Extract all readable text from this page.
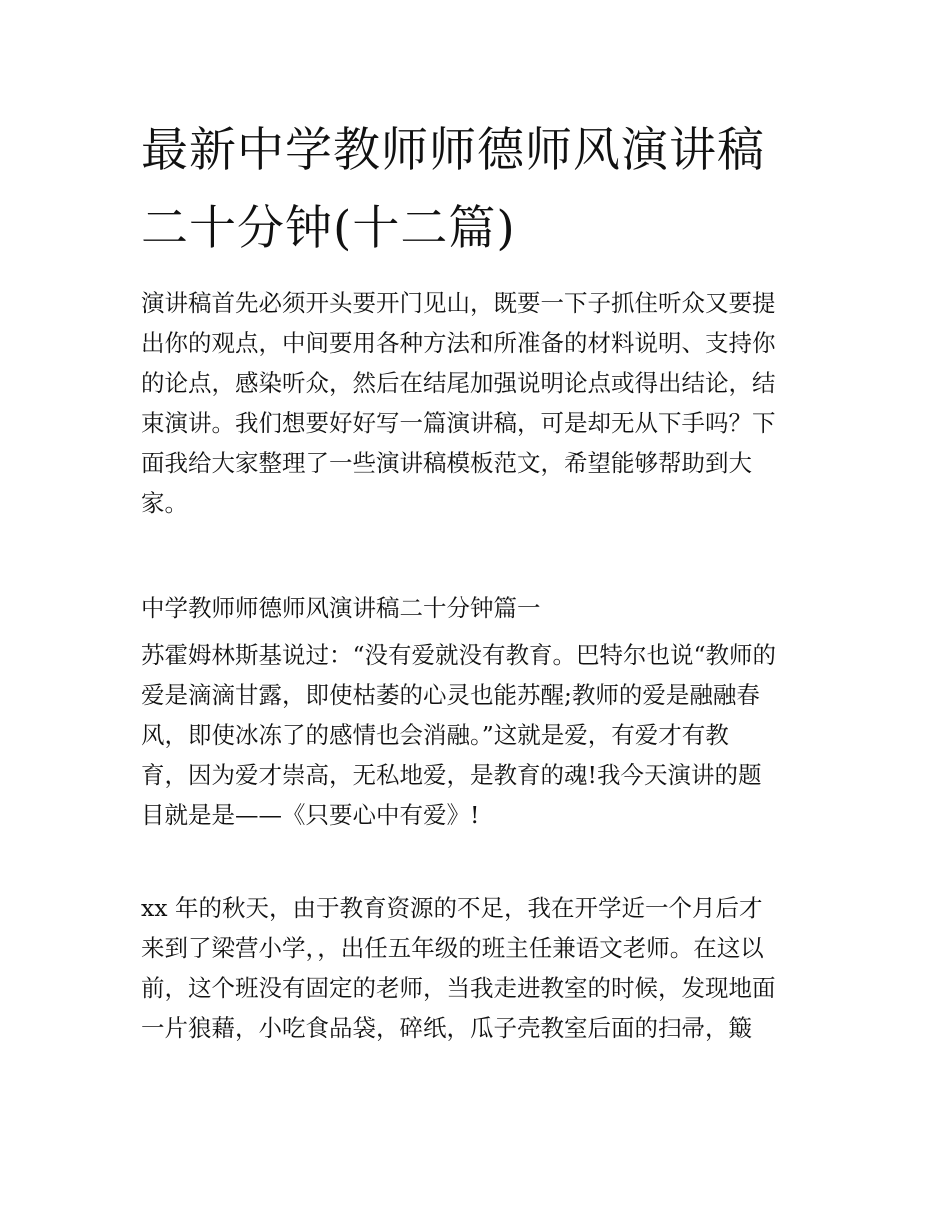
最新中学教师师德师风演讲稿
二十分钟(十二篇)

演讲稿首先必须开头要开门见山，既要一下子抓住听众又要提
出你的观点，中间要用各种方法和所准备的材料说明、支持你
的论点，感染听众，然后在结尾加强说明论点或得出结论，结
束演讲。我们想要好好写一篇演讲稿，可是却无从下手吗？下
面我给大家整理了一些演讲稿模板范文，希望能够帮助到大
家。

中学教师师德师风演讲稿二十分钟篇一

苏霍姆林斯基说过：“没有爱就没有教育。巴特尔也说“教师的
爱是滴滴甘露，即使枯萎的心灵也能苏醒;教师的爱是融融春
风，即使冰冻了的感情也会消融。”这就是爱，有爱才有教
育，因为爱才崇高，无私地爱，是教育的魂!我今天演讲的题
目就是是——《只要心中有爱》!

xx 年的秋天，由于教育资源的不足，我在开学近一个月后才
来到了梁营小学，，出任五年级的班主任兼语文老师。在这以
前，这个班没有固定的老师，当我走进教室的时候，发现地面
一片狼藉，小吃食品袋，碎纸，瓜子壳教室后面的扫帚，簸
